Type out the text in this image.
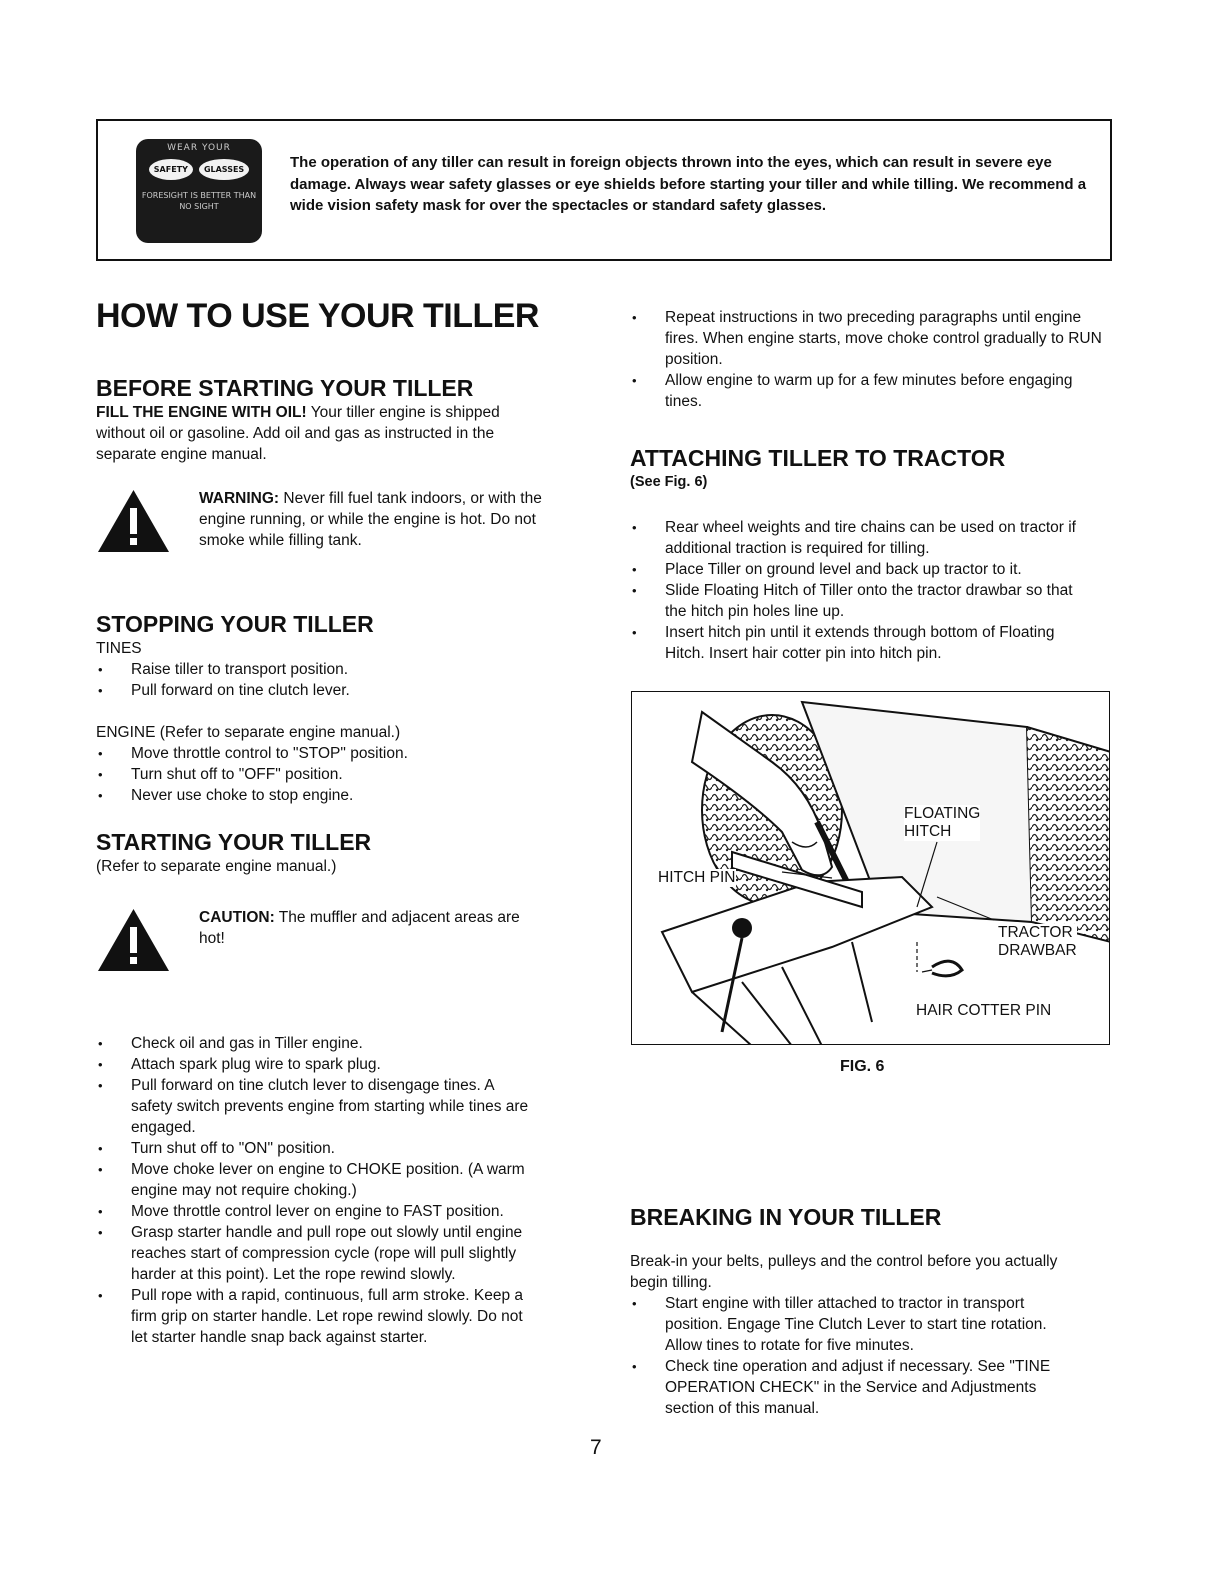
WEAR YOUR
SAFETY	GLASSES
FORESIGHT IS BETTER THAN NO SIGHT

The operation of any tiller can result in foreign objects thrown into the eyes, which can result in severe eye damage. Always wear safety glasses or eye shields before starting your tiller and while tilling. We recommend a wide vision safety mask for over the spectacles or standard safety glasses.

HOW TO USE YOUR TILLER
BEFORE STARTING YOUR TILLER

FILL THE ENGINE WITH OIL! Your tiller engine is shipped without oil or gasoline. Add oil and gas as instructed in the separate engine manual.

WARNING: Never fill fuel tank indoors, or with the engine running, or while the engine is hot. Do not smoke while filling tank.

STOPPING YOUR TILLER

TINES

• Raise tiller to transport position.
• Pull forward on tine clutch lever.

ENGINE (Refer to separate engine manual.)

• Move throttle control to "STOP" position.
• Turn shut off to "OFF" position.
• Never use choke to stop engine.
STARTING YOUR TILLER

(Refer to separate engine manual.)

CAUTION: The muffler and adjacent areas are hot!

• Check oil and gas in Tiller engine.
• Attach spark plug wire to spark plug.
• Pull forward on tine clutch lever to disengage tines. A safety switch prevents engine from starting while tines are engaged.
• Turn shut off to "ON" position.
• Move choke lever on engine to CHOKE position. (A warm engine may not require choking.)
• Move throttle control lever on engine to FAST position.
• Grasp starter handle and pull rope out slowly until engine reaches start of compression cycle (rope will pull slightly harder at this point). Let the rope rewind slowly.
• Pull rope with a rapid, continuous, full arm stroke. Keep a firm grip on starter handle. Let rope rewind slowly. Do not let starter handle snap back against starter.
• Repeat instructions in two preceding paragraphs until engine fires. When engine starts, move choke control gradually to RUN position.
• Allow engine to warm up for a few minutes before engaging tines.
ATTACHING TILLER TO TRACTOR

(See Fig. 6)

• Rear wheel weights and tire chains can be used on tractor if additional traction is required for tilling.
• Place Tiller on ground level and back up tractor to it.
• Slide Floating Hitch of Tiller onto the tractor drawbar so that the hitch pin holes line up.
• Insert hitch pin until it extends through bottom of Floating Hitch. Insert hair cotter pin into hitch pin.
FLOATING
HITCH
HITCH PIN
TRACTOR
DRAWBAR
HAIR COTTER PIN
FIG. 6
BREAKING IN YOUR TILLER

Break-in your belts, pulleys and the control before you actually begin tilling.

• Start engine with tiller attached to tractor in transport position. Engage Tine Clutch Lever to start tine rotation. Allow tines to rotate for five minutes.
• Check tine operation and adjust if necessary. See "TINE OPERATION CHECK" in the Service and Adjustments section of this manual.
7
